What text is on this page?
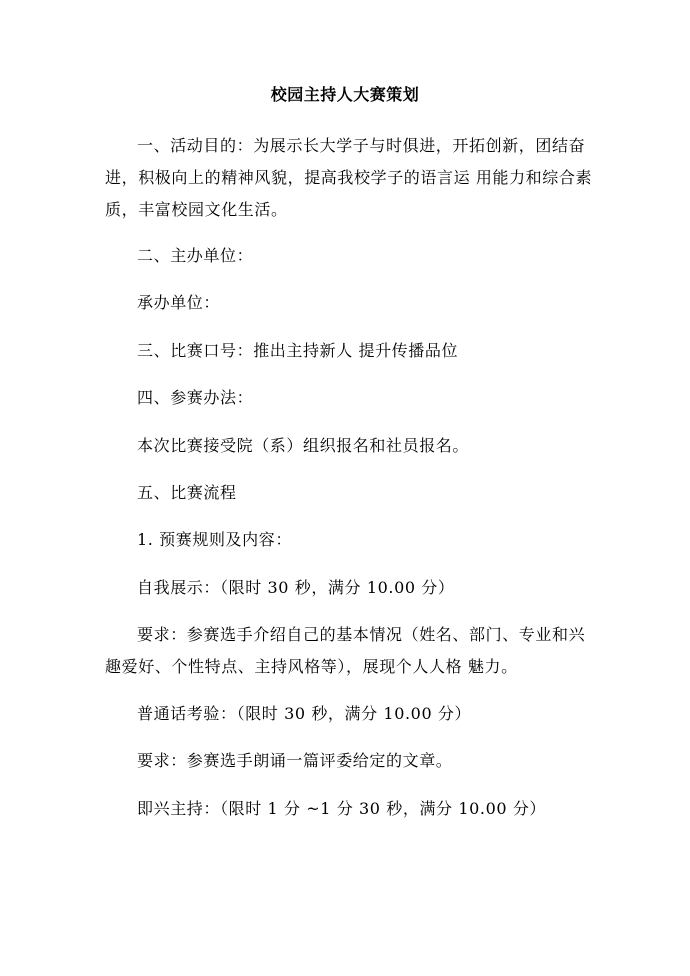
校园主持人大赛策划
一、活动目的：为展示长大学子与时俱进，开拓创新，团结奋
进，积极向上的精神风貌，提高我校学子的语言运 用能力和综合素
质，丰富校园文化生活。
二、主办单位：
承办单位：
三、比赛口号：推出主持新人 提升传播品位
四、参赛办法：
本次比赛接受院（系）组织报名和社员报名。
五、比赛流程
1. 预赛规则及内容：
自我展示：（限时 30 秒，满分 10.00 分）
要求：参赛选手介绍自己的基本情况（姓名、部门、专业和兴
趣爱好、个性特点、主持风格等），展现个人人格 魅力。
普通话考验：（限时 30 秒，满分 10.00 分）
要求：参赛选手朗诵一篇评委给定的文章。
即兴主持：（限时 1 分 ~1 分 30 秒，满分 10.00 分）
